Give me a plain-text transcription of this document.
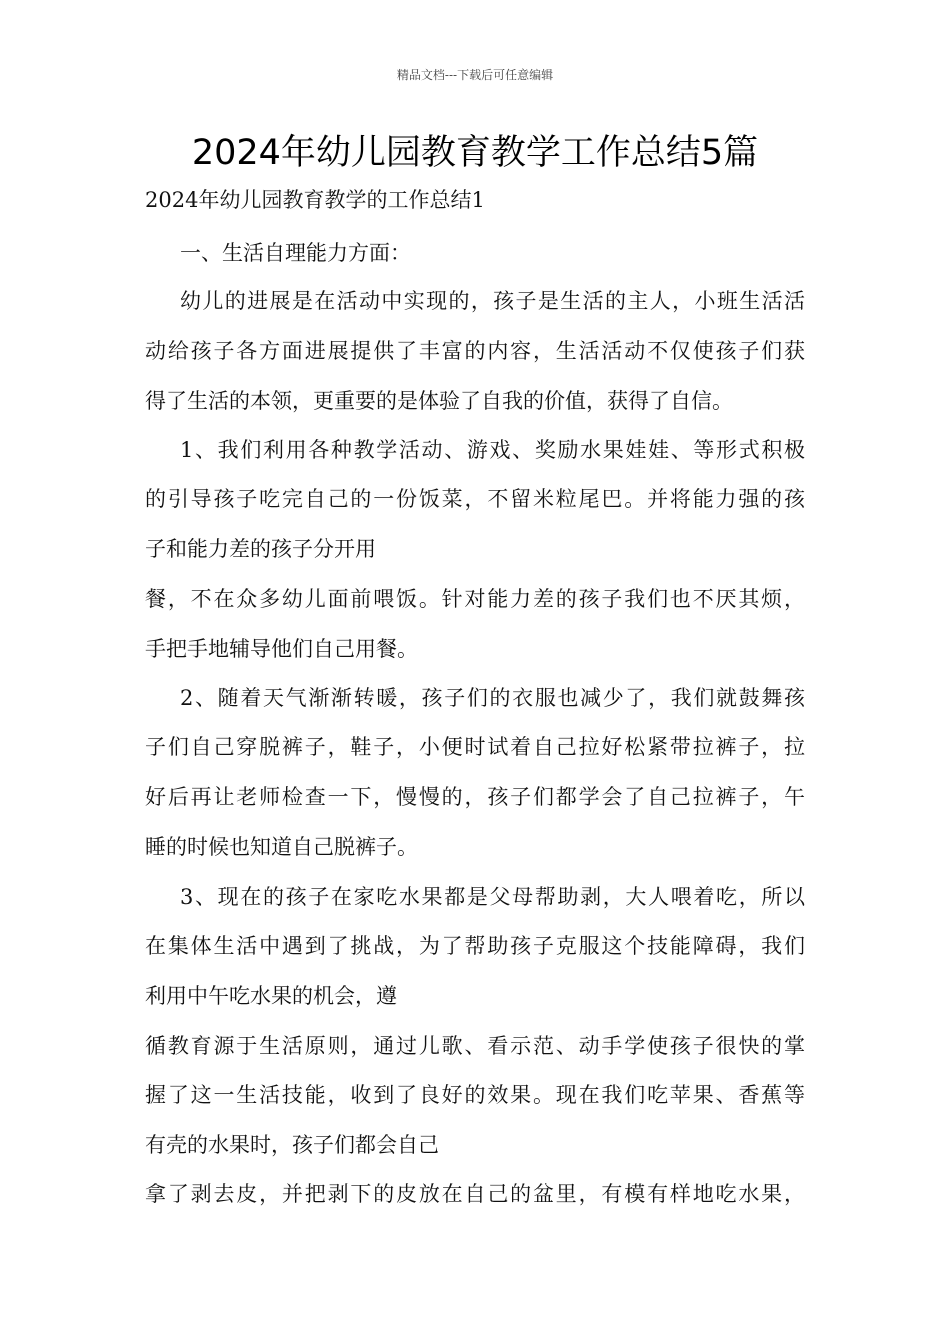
精品文档---下载后可任意编辑
2024年幼儿园教育教学工作总结5篇
2024年幼儿园教育教学的工作总结1
一、生活自理能力方面：
幼儿的进展是在活动中实现的，孩子是生活的主人，小班生活活
动给孩子各方面进展提供了丰富的内容，生活活动不仅使孩子们获
得了生活的本领，更重要的是体验了自我的价值，获得了自信。
1、我们利用各种教学活动、游戏、奖励水果娃娃、等形式积极
的引导孩子吃完自己的一份饭菜，不留米粒尾巴。并将能力强的孩
子和能力差的孩子分开用
餐，不在众多幼儿面前喂饭。针对能力差的孩子我们也不厌其烦，
手把手地辅导他们自己用餐。
2、随着天气渐渐转暖，孩子们的衣服也减少了，我们就鼓舞孩
子们自己穿脱裤子，鞋子，小便时试着自己拉好松紧带拉裤子，拉
好后再让老师检查一下，慢慢的，孩子们都学会了自己拉裤子，午
睡的时候也知道自己脱裤子。
3、现在的孩子在家吃水果都是父母帮助剥，大人喂着吃，所以
在集体生活中遇到了挑战，为了帮助孩子克服这个技能障碍，我们
利用中午吃水果的机会，遵
循教育源于生活原则，通过儿歌、看示范、动手学使孩子很快的掌
握了这一生活技能，收到了良好的效果。现在我们吃苹果、香蕉等
有壳的水果时，孩子们都会自己
拿了剥去皮，并把剥下的皮放在自己的盆里，有模有样地吃水果，
